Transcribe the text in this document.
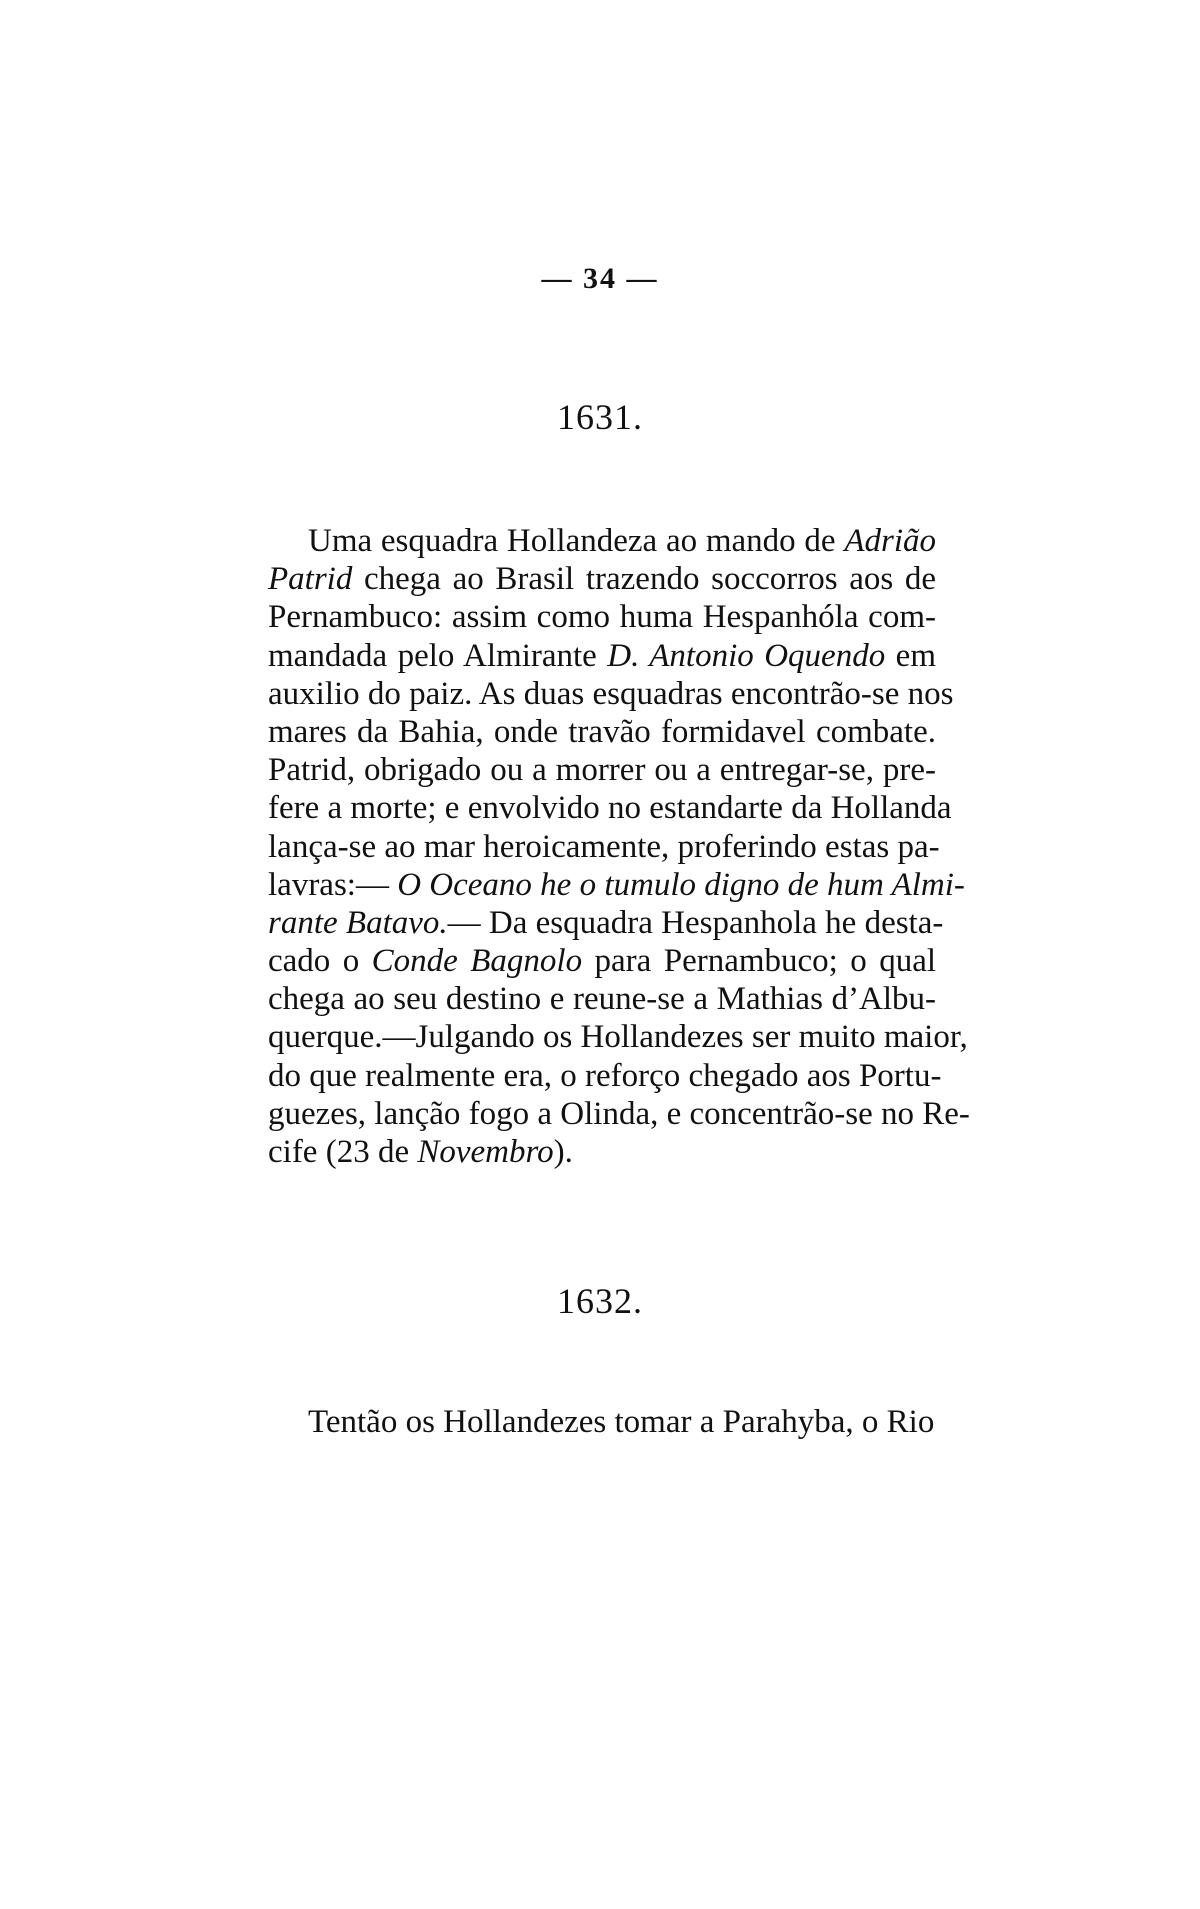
— 34 —
1631.
Uma esquadra Hollandeza ao mando de Adrião
Patrid chega ao Brasil trazendo soccorros aos de
Pernambuco: assim como huma Hespanhóla com-
mandada pelo Almirante D. Antonio Oquendo em
auxilio do paiz. As duas esquadras encontrão-se nos
mares da Bahia, onde travão formidavel combate.
Patrid, obrigado ou a morrer ou a entregar-se, pre-
fere a morte; e envolvido no estandarte da Hollanda
lança-se ao mar heroicamente, proferindo estas pa-
lavras:— O Oceano he o tumulo digno de hum Almi-
rante Batavo.— Da esquadra Hespanhola he desta-
cado o Conde Bagnolo para Pernambuco; o qual
chega ao seu destino e reune-se a Mathias d’Albu-
querque.—Julgando os Hollandezes ser muito maior,
do que realmente era, o reforço chegado aos Portu-
guezes, lanção fogo a Olinda, e concentrão-se no Re-
cife (23 de Novembro).
1632.
Tentão os Hollandezes tomar a Parahyba, o Rio
